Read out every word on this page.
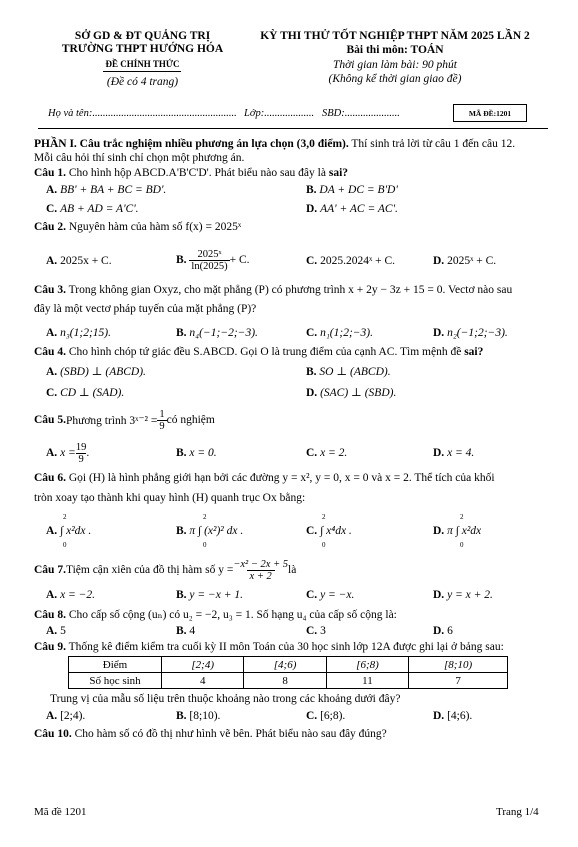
SỞ GD & ĐT QUẢNG TRỊ
TRƯỜNG THPT HƯỚNG HÓA
ĐỀ CHÍNH THỨC
(Đề có 4 trang)
KỲ THI THỬ TỐT NGHIỆP THPT NĂM 2025 LẦN 2
Bài thi môn: TOÁN
Thời gian làm bài: 90 phút
(Không kể thời gian giao đề)
Họ và tên:....................................................... Lớp:................... SBD:.....................	MÃ ĐỀ:1201
PHẦN I. Câu trắc nghiệm nhiều phương án lựa chọn (3,0 điểm). Thí sinh trả lời từ câu 1 đến câu 12.
Mỗi câu hỏi thí sinh chỉ chọn một phương án.
Câu 1. Cho hình hộp ABCD.A'B'C'D'. Phát biểu nào sau đây là sai?
A. BB' + BA + BC = BD'.	B. DA + DC = B'D'
C. AB + AD = A'C'.	D. AA' + AC = AC'.
Câu 2. Nguyên hàm của hàm số f(x) = 2025ˣ
A. 2025x + C.	B. $\frac{\text{2025ˣ}}{\ln(2025)} + C$.	C. 2025.2024ˣ + C.	D. 2025ˣ + C.
Câu 3. Trong không gian Oxyz, cho mặt phẳng (P) có phương trình x + 2y − 3z + 15 = 0. Vectơ nào sau
đây là một vectơ pháp tuyến của mặt phẳng (P)?
A. n₃(1;2;15).	B. n₄(−1;−2;−3).	C. n₁(1;2;−3).	D. n₂(−1;2;−3).
Câu 4. Cho hình chóp tứ giác đều S.ABCD. Gọi O là trung điểm của cạnh AC. Tìm mệnh đề sai?
A. (SBD) ⊥ (ABCD).	B. SO ⊥ (ABCD).
C. CD ⊥ (SAD).	D. (SAC) ⊥ (SBD).
Câu 5. Phương trình 3ˣ⁻² = $\frac{1}{9}$ có nghiệm
A. $x = \frac{19}{9}$ .	B. x = 0.	C. x = 2.	D. x = 4.
Câu 6. Gọi (H) là hình phẳng giới hạn bởi các đường y = x², y = 0, x = 0 và x = 2. Thể tích của khối
tròn xoay tạo thành khi quay hình (H) quanh trục Ox bằng:
A. ∫ x²dx .
2
0
B. π ∫ (x²)² dx .
2
0
C. ∫ x⁴dx .
2
0
D. π ∫ x²dx
2
0
Câu 7. Tiệm cận xiên của đồ thị hàm số $y = \frac{\text{−x² − 2x + 5}}{x + 2}$ là
A. x = −2.	B. y = −x + 1.	C. y = −x.	D. y = x + 2.
Câu 8. Cho cấp số cộng (uₙ) có u₂ = −2, u₃ = 1. Số hạng u₄ của cấp số cộng là:
A. 5	B. 4	C. 3	D. 6
Câu 9. Thống kê điểm kiểm tra cuối kỳ II môn Toán của 30 học sinh lớp 12A được ghi lại ở bảng sau:
Điểm	[2;4)	[4;6)	[6;8)	[8;10)
Số học sinh	4	8	11	7
Trung vị của mẫu số liệu trên thuộc khoảng nào trong các khoảng dưới đây?
A. [2;4).	B. [8;10).	C. [6;8).	D. [4;6).
Câu 10. Cho hàm số có đồ thị như hình vẽ bên. Phát biểu nào sau đây đúng?
Mã đề 1201	Trang 1/4
